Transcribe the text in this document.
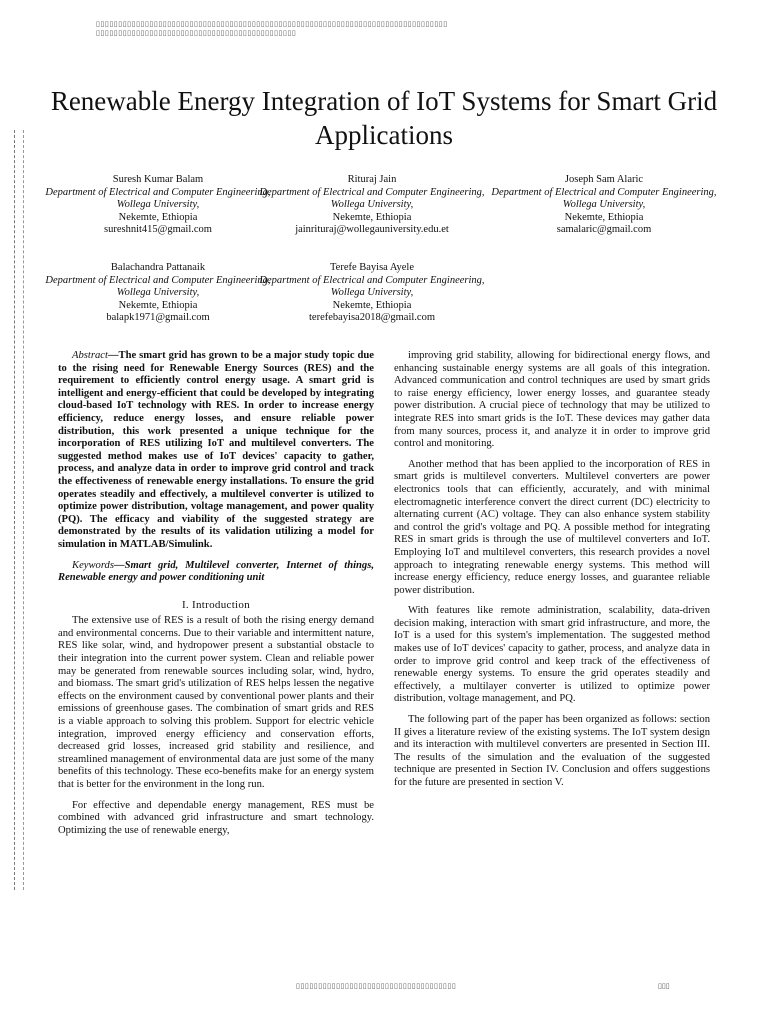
▯▯▯▯▯▯▯▯▯▯▯▯▯▯▯▯▯▯▯▯▯▯▯▯▯▯▯▯▯▯▯▯▯▯▯▯▯▯▯▯▯▯▯▯▯▯▯▯▯▯▯▯▯▯▯▯▯▯▯▯▯▯▯▯▯▯▯▯▯▯▯▯▯▯▯▯▯▯▯
▯▯▯▯▯▯▯▯▯▯▯▯▯▯▯▯▯▯▯▯▯▯▯▯▯▯▯▯▯▯▯▯▯▯▯▯▯▯▯▯▯▯▯▯▯
Renewable Energy Integration of IoT Systems for Smart Grid Applications
Suresh Kumar Balam
Department of Electrical and Computer Engineering,
Wollega University,
Nekemte, Ethiopia
sureshnit415@gmail.com
Rituraj Jain
Department of Electrical and Computer Engineering,
Wollega University,
Nekemte, Ethiopia
jainrituraj@wollegauniversity.edu.et
Joseph Sam Alaric
Department of Electrical and Computer Engineering,
Wollega University,
Nekemte, Ethiopia
samalaric@gmail.com
Balachandra Pattanaik
Department of Electrical and Computer Engineering,
Wollega University,
Nekemte, Ethiopia
balapk1971@gmail.com
Terefe Bayisa Ayele
Department of Electrical and Computer Engineering,
Wollega University,
Nekemte, Ethiopia
terefebayisa2018@gmail.com

Abstract—The smart grid has grown to be a major study topic due to the rising need for Renewable Energy Sources (RES) and the requirement to efficiently control energy usage. A smart grid is intelligent and energy-efficient that could be developed by integrating cloud-based IoT technology with RES. In order to increase energy efficiency, reduce energy losses, and ensure reliable power distribution, this work presented a unique technique for the incorporation of RES utilizing IoT and multilevel converters. The suggested method makes use of IoT devices' capacity to gather, process, and analyze data in order to improve grid control and track the effectiveness of renewable energy installations. To ensure the grid operates steadily and effectively, a multilevel converter is utilized to optimize power distribution, voltage management, and power quality (PQ). The efficacy and viability of the suggested strategy are demonstrated by the results of its validation utilizing a model for simulation in MATLAB/Simulink.

Keywords—Smart grid, Multilevel converter, Internet of things, Renewable energy and power conditioning unit

I. Introduction

The extensive use of RES is a result of both the rising energy demand and environmental concerns. Due to their variable and intermittent nature, RES like solar, wind, and hydropower present a substantial obstacle to their integration into the current power system. Clean and reliable power may be generated from renewable sources including solar, wind, hydro, and biomass. The smart grid's utilization of RES helps lessen the negative effects on the environment caused by conventional power plants and their emissions of greenhouse gases. The combination of smart grids and RES is a viable approach to solving this problem. Support for electric vehicle integration, improved energy efficiency and conservation efforts, decreased grid losses, increased grid stability and resilience, and streamlined management of environmental data are just some of the many benefits of this technology. These eco-benefits make for an energy system that is better for the environment in the long run.

For effective and dependable energy management, RES must be combined with advanced grid infrastructure and smart technology. Optimizing the use of renewable energy,

improving grid stability, allowing for bidirectional energy flows, and enhancing sustainable energy systems are all goals of this integration. Advanced communication and control techniques are used by smart grids to raise energy efficiency, lower energy losses, and guarantee steady power distribution. A crucial piece of technology that may be utilized to integrate RES into smart grids is the IoT. These devices may gather data from many sources, process it, and analyze it in order to improve grid control and monitoring.

Another method that has been applied to the incorporation of RES in smart grids is multilevel converters. Multilevel converters are power electronics tools that can efficiently, accurately, and with minimal electromagnetic interference convert the direct current (DC) electricity to alternating current (AC) voltage. They can also enhance system stability and control the grid's voltage and PQ. A possible method for integrating RES in smart grids is through the use of multilevel converters and IoT. Employing IoT and multilevel converters, this research provides a novel approach to integrating renewable energy systems. This method will increase energy efficiency, reduce energy losses, and guarantee reliable power distribution.

With features like remote administration, scalability, data-driven decision making, interaction with smart grid infrastructure, and more, the IoT is a used for this system's implementation. The suggested method makes use of IoT devices' capacity to gather, process, and analyze data in order to improve grid control and keep track of the effectiveness of renewable energy systems. To ensure the grid operates steadily and effectively, a multilayer converter is utilized to optimize power distribution, voltage management, and PQ.

The following part of the paper has been organized as follows: section II gives a literature review of the existing systems. The IoT system design and its interaction with multilevel converters are presented in Section III. The results of the simulation and the evaluation of the suggested technique are presented in Section IV. Conclusion and offers suggestions for the future are presented in section V.

▯▯▯▯▯▯▯▯▯▯▯▯▯▯▯▯▯▯▯▯▯▯▯▯▯▯▯▯▯▯▯▯▯▯▯▯	▯▯▯
